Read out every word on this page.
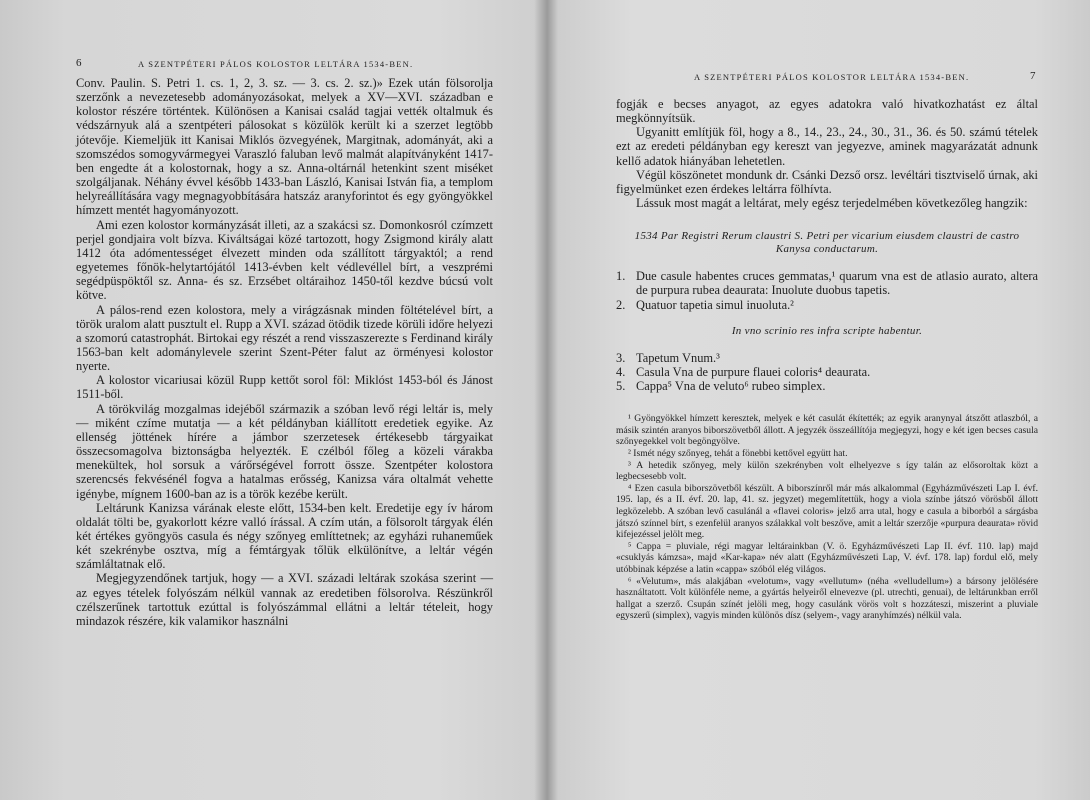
6	A SZENTPÉTERI PÁLOS KOLOSTOR LELTÁRA 1534-BEN.

Conv. Paulin. S. Petri 1. cs. 1, 2, 3. sz. — 3. cs. 2. sz.)» Ezek után fölsorolja szerzőnk a nevezetesebb adományozásokat, melyek a XV—XVI. században e kolostor részére történtek. Különösen a Kanisai család tagjai vették oltalmuk és védszárnyuk alá a szentpéteri pálosokat s közülök került ki a szerzet legtöbb jótevője. Kiemeljük itt Kanisai Miklós özvegyének, Margitnak, adományát, aki a szomszédos somogyvármegyei Varaszló faluban levő malmát alapítványként 1417-ben engedte át a kolostornak, hogy a sz. Anna-oltárnál hetenkint szent miséket szolgáljanak. Néhány évvel később 1433-ban László, Kanisai István fia, a templom helyreállítására vagy megnagyobbítására hatszáz aranyforintot és egy gyöngyökkel hímzett mentét hagyományozott.

Ami ezen kolostor kormányzását illeti, az a szakácsi sz. Domonkosról czímzett perjel gondjaira volt bízva. Kiváltságai közé tartozott, hogy Zsigmond király alatt 1412 óta adómentességet élvezett minden oda szállított tárgyaktól; a rend egyetemes főnök-helytartójától 1413-évben kelt védlevéllel bírt, a veszprémi segédpüspöktől sz. Anna- és sz. Erzsébet oltáraihoz 1450-től kezdve búcsú volt kötve.

A pálos-rend ezen kolostora, mely a virágzásnak minden föltételével bírt, a török uralom alatt pusztult el. Rupp a XVI. század ötödik tizede körüli időre helyezi a szomorú catastrophát. Birtokai egy részét a rend visszaszerezte s Ferdinand király 1563-ban kelt adománylevele szerint Szent-Péter falut az örményesi kolostor nyerte.

A kolostor vicariusai közül Rupp kettőt sorol föl: Miklóst 1453-ból és Jánost 1511-ből.

A törökvilág mozgalmas idejéből származik a szóban levő régi leltár is, mely — miként czíme mutatja — a két példányban kiállított eredetiek egyike. Az ellenség jöttének hírére a jámbor szerzetesek értékesebb tárgyaikat összecsomagolva biztonságba helyezték. E czélból főleg a közeli várakba menekültek, hol sorsuk a várőrségével forrott össze. Szentpéter kolostora szerencsés fekvésénél fogva a hatalmas erősség, Kanizsa vára oltalmát vehette igénybe, mígnem 1600-ban az is a török kezébe került.

Leltárunk Kanizsa várának eleste előtt, 1534-ben kelt. Eredetije egy ív három oldalát tölti be, gyakorlott kézre valló írással. A czím után, a fölsorolt tárgyak élén két értékes gyöngyös casula és négy szőnyeg említtetnek; az egyházi ruhaneműek két szekrénybe osztva, míg a fémtárgyak tőlük elkülönítve, a leltár végén számláltatnak elő.

Megjegyzendőnek tartjuk, hogy — a XVI. századi leltárak szokása szerint — az egyes tételek folyószám nélkül vannak az eredetiben fölsorolva. Részünkről czélszerűnek tartottuk ezúttal is folyószámmal ellátni a leltár tételeit, hogy mindazok részére, kik valamikor használni

A SZENTPÉTERI PÁLOS KOLOSTOR LELTÁRA 1534-BEN.	7

fogják e becses anyagot, az egyes adatokra való hivatkozhatást ez által megkönnyítsük.

Ugyanitt említjük föl, hogy a 8., 14., 23., 24., 30., 31., 36. és 50. számú tételek ezt az eredeti példányban egy kereszt van jegyezve, aminek magyarázatát adnunk kellő adatok hiányában lehetetlen.

Végül köszönetet mondunk dr. Csánki Dezső orsz. levéltári tisztviselő úrnak, aki figyelmünket ezen érdekes leltárra fölhívta.

Lássuk most magát a leltárat, mely egész terjedelmében következőleg hangzik:

1534 Par Registri Rerum claustri S. Petri per vicarium eiusdem claustri de castro Kanysa conductarum.

1. Due casule habentes cruces gemmatas,¹ quarum vna est de atlasio aurato, altera de purpura rubea deaurata: Inuolute duobus tapetis.
2. Quatuor tapetia simul inuoluta.²

In vno scrinio res infra scripte habentur.

3. Tapetum Vnum.³
4. Casula Vna de purpure flauei coloris⁴ deaurata.
5. Cappa⁵ Vna de veluto⁶ rubeo simplex.

¹ Gyöngyökkel hímzett keresztek, melyek e két casulát ékítették; az egyik aranynyal átszőtt atlaszból, a másik szintén aranyos biborszövetből állott. A jegyzék összeállítója megjegyzi, hogy e két igen becses casula szőnyegekkel volt begöngyölve.

² Ismét négy szőnyeg, tehát a fönebbi kettővel együtt hat.

³ A hetedik szőnyeg, mely külön szekrényben volt elhelyezve s így talán az elősoroltak közt a legbecsesebb volt.

⁴ Ezen casula biborszövetből készült. A biborszínről már más alkalommal (Egyházművészeti Lap I. évf. 195. lap, és a II. évf. 20. lap, 41. sz. jegyzet) megemlítettük, hogy a viola színbe játszó vörösből állott legközelebb. A szóban levő casulánál a «flavei coloris» jelző arra utal, hogy e casula a biborból a sárgásba játszó színnel bírt, s ezenfelül aranyos szálakkal volt beszőve, amit a leltár szerzője «purpura deaurata» rövid kifejezéssel jelölt meg.

⁵ Cappa = pluviale, régi magyar leltárainkban (V. ö. Egyházművészeti Lap II. évf. 110. lap) majd «csuklyás kámzsa», majd «Kar-kapa» név alatt (Egyházművészeti Lap, V. évf. 178. lap) fordul elő, mely utóbbinak képzése a latin «cappa» szóból elég világos.

⁶ «Velutum», más alakjában «velotum», vagy «vellutum» (néha «velludellum») a bársony jelölésére használtatott. Volt különféle neme, a gyártás helyeiről elnevezve (pl. utrechti, genuai), de leltárunkban erről hallgat a szerző. Csupán színét jelöli meg, hogy casulánk vörös volt s hozzáteszi, miszerint a pluviale egyszerű (simplex), vagyis minden különös dísz (selyem-, vagy aranyhímzés) nélkül vala.
